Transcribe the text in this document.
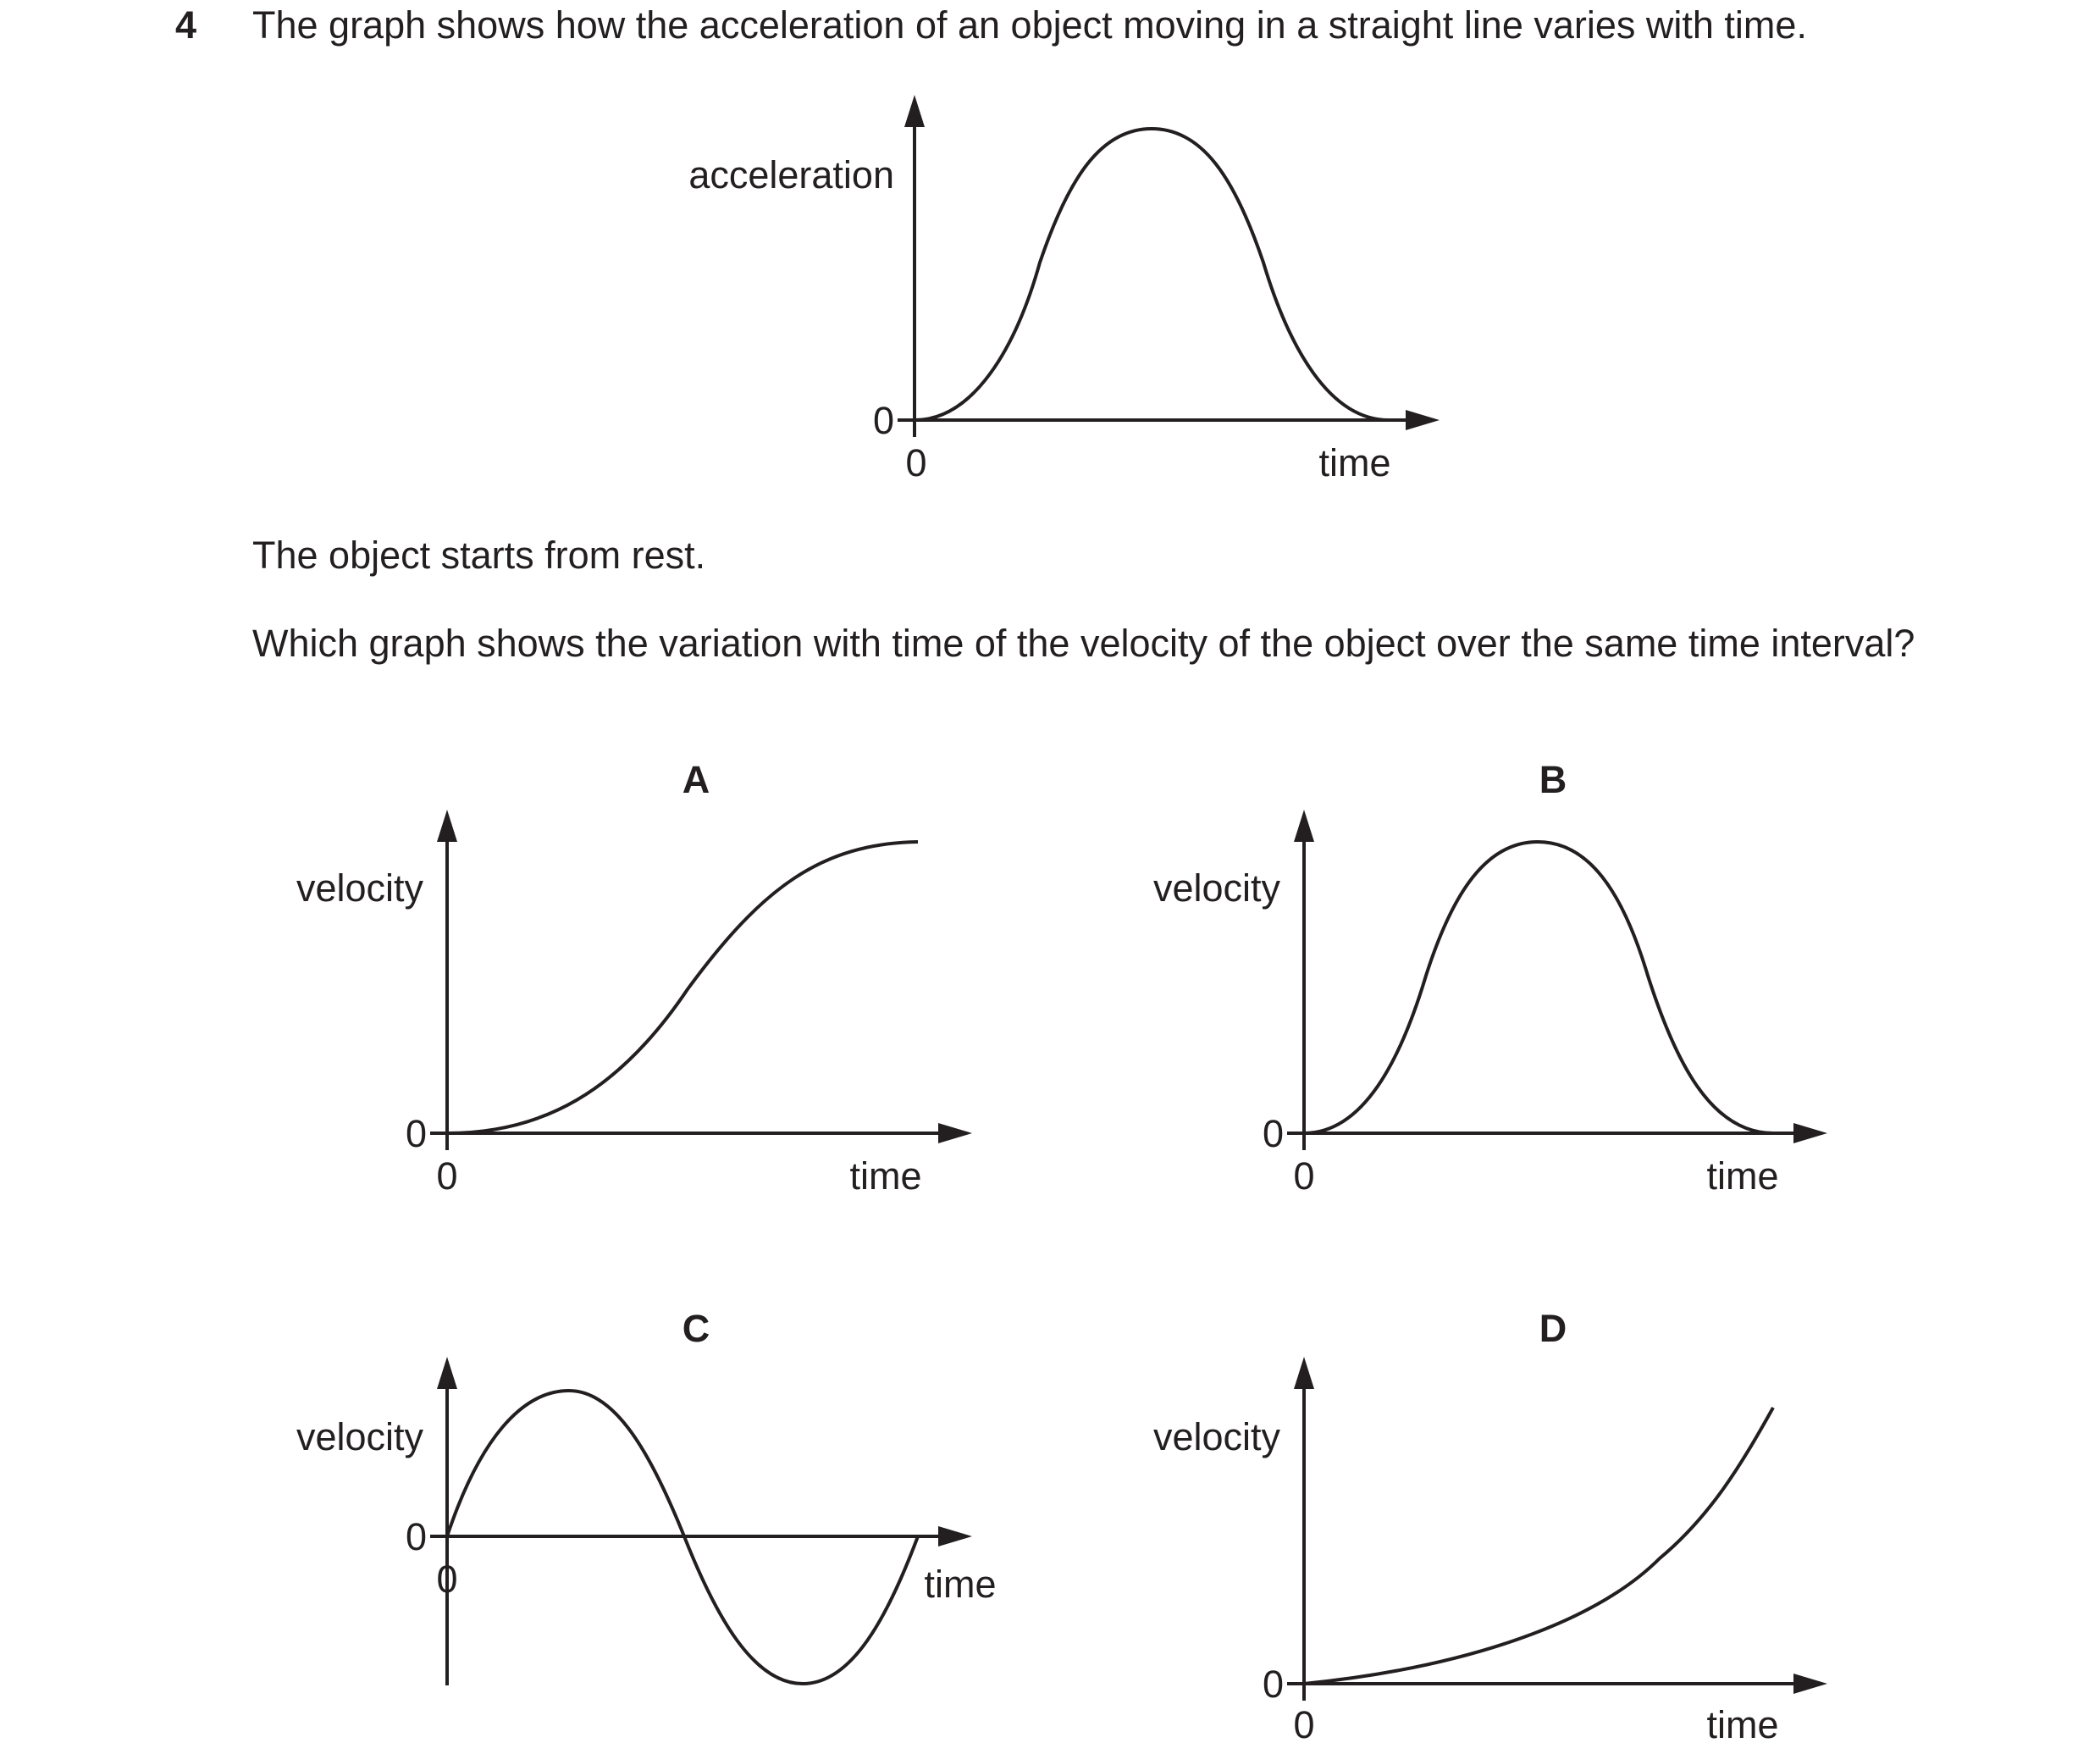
4 The graph shows how the acceleration of an object moving in a straight line varies with time.
The object starts from rest.
Which graph shows the variation with time of the velocity of the object over the same time interval?
acceleration
0
0	time
A
velocity
0
0	time
B
velocity
0
0	time
C
velocity
0
0	time
D
velocity
0
0	time
